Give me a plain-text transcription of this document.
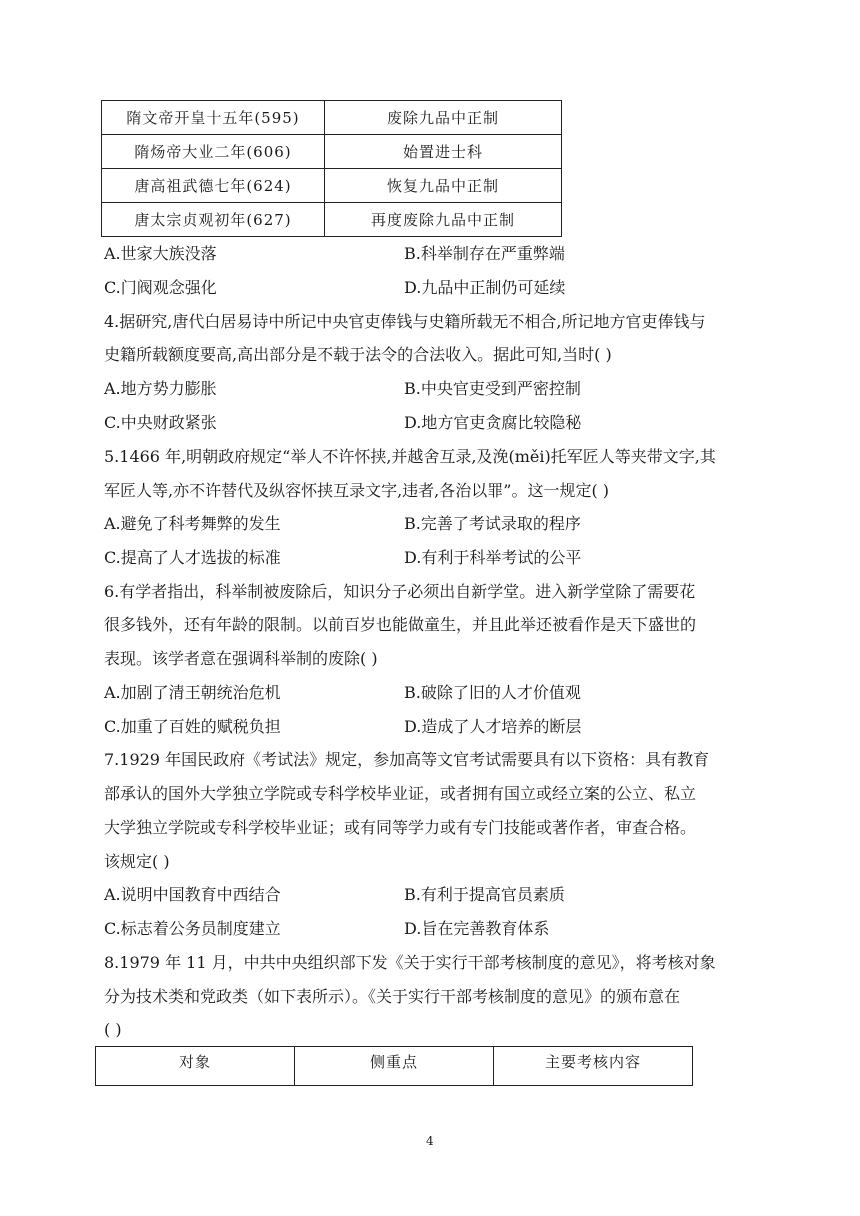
隋文帝开皇十五年(595)	废除九品中正制
隋炀帝大业二年(606)	始置进士科
唐高祖武德七年(624)	恢复九品中正制
唐太宗贞观初年(627)	再度废除九品中正制
A.世家大族没落	B.科举制存在严重弊端
C.门阀观念强化	D.九品中正制仍可延续
4.据研究,唐代白居易诗中所记中央官吏俸钱与史籍所载无不相合,所记地方官吏俸钱与
史籍所载额度要高,高出部分是不载于法令的合法收入。据此可知,当时( )
A.地方势力膨胀	B.中央官吏受到严密控制
C.中央财政紧张	D.地方官吏贪腐比较隐秘
5.1466 年,明朝政府规定“举人不许怀挟,并越舍互录,及浼(měi)托军匠人等夹带文字,其
军匠人等,亦不许替代及纵容怀挟互录文字,违者,各治以罪”。这一规定( )
A.避免了科考舞弊的发生	B.完善了考试录取的程序
C.提高了人才选拔的标准	D.有利于科举考试的公平
6.有学者指出，科举制被废除后，知识分子必须出自新学堂。进入新学堂除了需要花
很多钱外，还有年龄的限制。以前百岁也能做童生，并且此举还被看作是天下盛世的
表现。该学者意在强调科举制的废除( )
A.加剧了清王朝统治危机	B.破除了旧的人才价值观
C.加重了百姓的赋税负担	D.造成了人才培养的断层
7.1929 年国民政府《考试法》规定，参加高等文官考试需要具有以下资格：具有教育
部承认的国外大学独立学院或专科学校毕业证，或者拥有国立或经立案的公立、私立
大学独立学院或专科学校毕业证；或有同等学力或有专门技能或著作者，审查合格。
该规定( )
A.说明中国教育中西结合	B.有利于提高官员素质
C.标志着公务员制度建立	D.旨在完善教育体系
8.1979 年 11 月，中共中央组织部下发《关于实行干部考核制度的意见》，将考核对象
分为技术类和党政类（如下表所示）。《关于实行干部考核制度的意见》的颁布意在
( )
对象	侧重点	主要考核内容
4
